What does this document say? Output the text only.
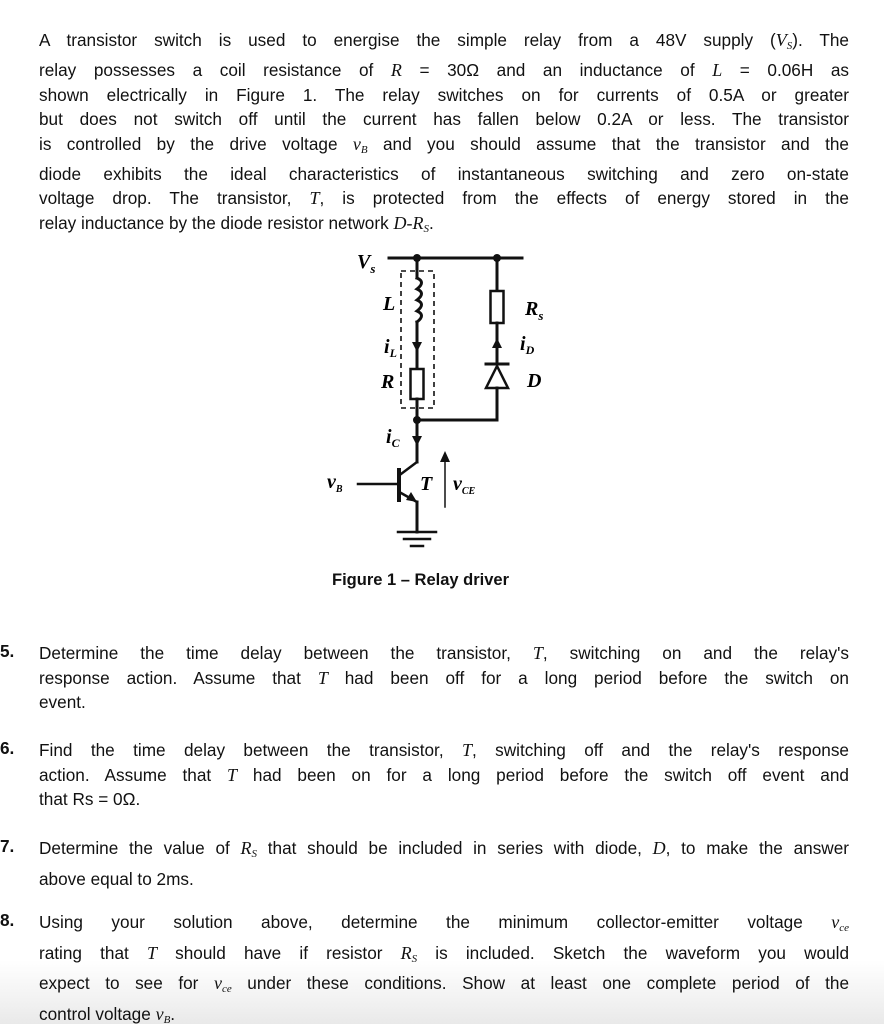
A transistor switch is used to energise the simple relay from a 48V supply $(V_S)$. The
relay possesses a coil resistance of R = 30Ω and an inductance of L = 0.06H as
shown electrically in Figure 1. The relay switches on for currents of 0.5A or greater
but does not switch off until the current has fallen below 0.2A or less. The transistor
is controlled by the drive voltage $v_B$ and you should assume that the transistor and the
diode exhibits the ideal characteristics of instantaneous switching and zero on-state
voltage drop. The transistor, T, is protected from the effects of energy stored in the
relay inductance by the diode resistor network $D-R_S$.
$V_s$
L
$i_L$
R
$R_s$
$i_D$
D
$i_C$
$v_B$	T $v_{CE}$
Figure 1 – Relay driver
5. Determine the time delay between the transistor, T, switching on and the relay's
response action. Assume that T had been off for a long period before the switch on
event.
6. Find the time delay between the transistor, T, switching off and the relay's response
action. Assume that T had been on for a long period before the switch off event and
that Rs = 0Ω.
7. Determine the value of $R_S$ that should be included in series with diode, D, to make the answer
above equal to 2ms.
8. Using your solution above, determine the minimum collector-emitter voltage $v_{ce}$
rating that T should have if resistor $R_S$ is included. Sketch the waveform you would
expect to see for $v_{ce}$ under these conditions. Show at least one complete period of the
control voltage $v_B$.
